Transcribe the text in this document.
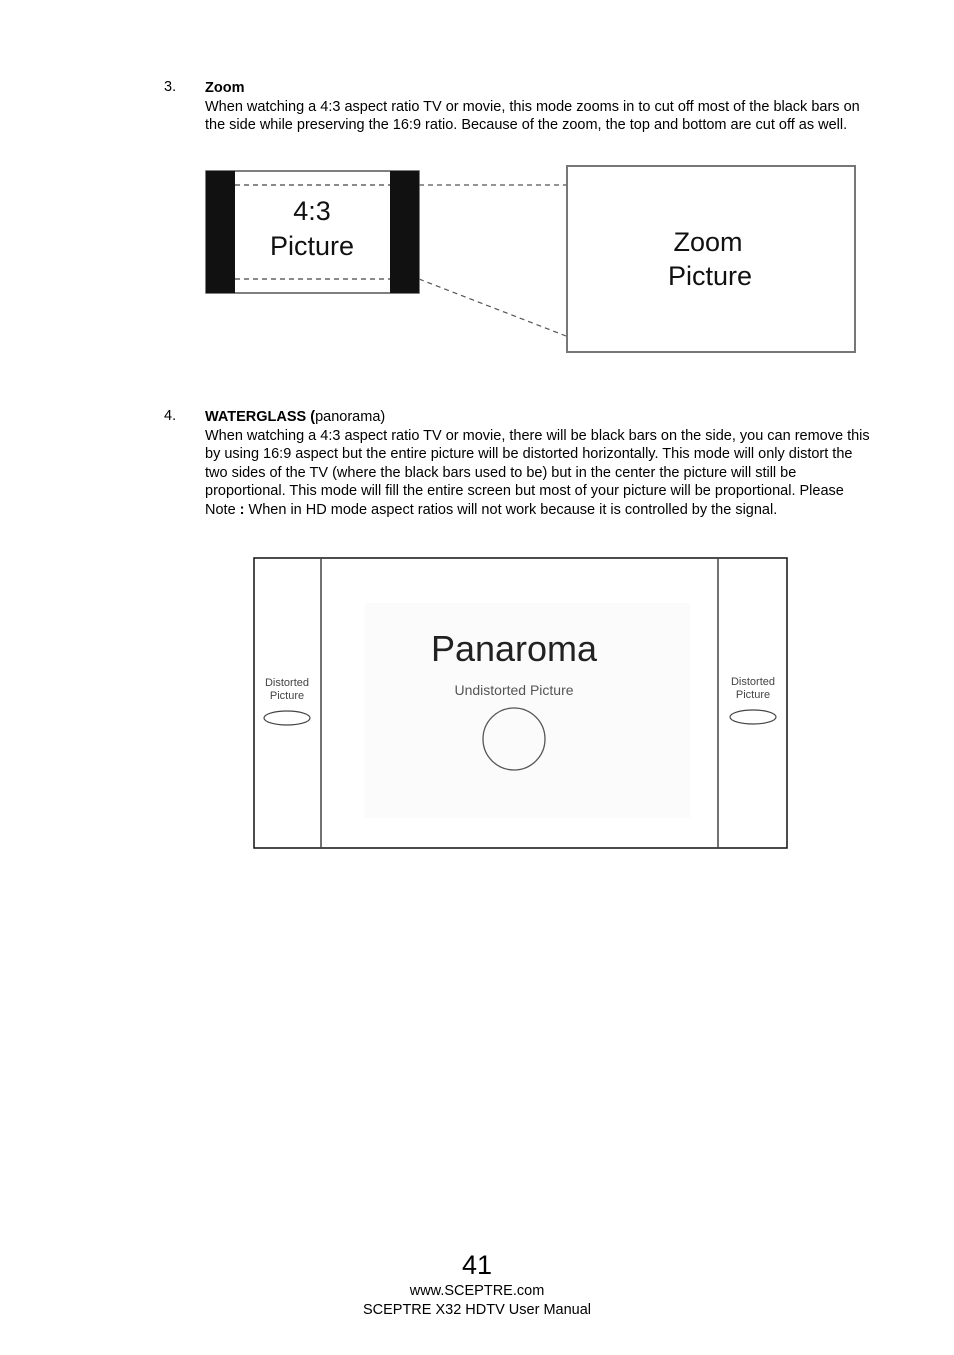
3. Zoom

When watching a 4:3 aspect ratio TV or movie, this mode zooms in to cut off most of the black bars on the side while preserving the 16:9 ratio. Because of the zoom, the top and bottom are cut off as well.

4:3
Picture	Zoom
Picture
4. WATERGLASS (panorama)

When watching a 4:3 aspect ratio TV or movie, there will be black bars on the side, you can remove this by using 16:9 aspect but the entire picture will be distorted horizontally. This mode will only distort the two sides of the TV (where the black bars used to be) but in the center the picture will still be proportional. This mode will fill the entire screen but most of your picture will be proportional. Please Note : When in HD mode aspect ratios will not work because it is controlled by the signal.

Panaroma
Undistorted Picture
Distorted
Picture
Distorted
Picture
41
www.SCEPTRE.com
SCEPTRE X32 HDTV User Manual
